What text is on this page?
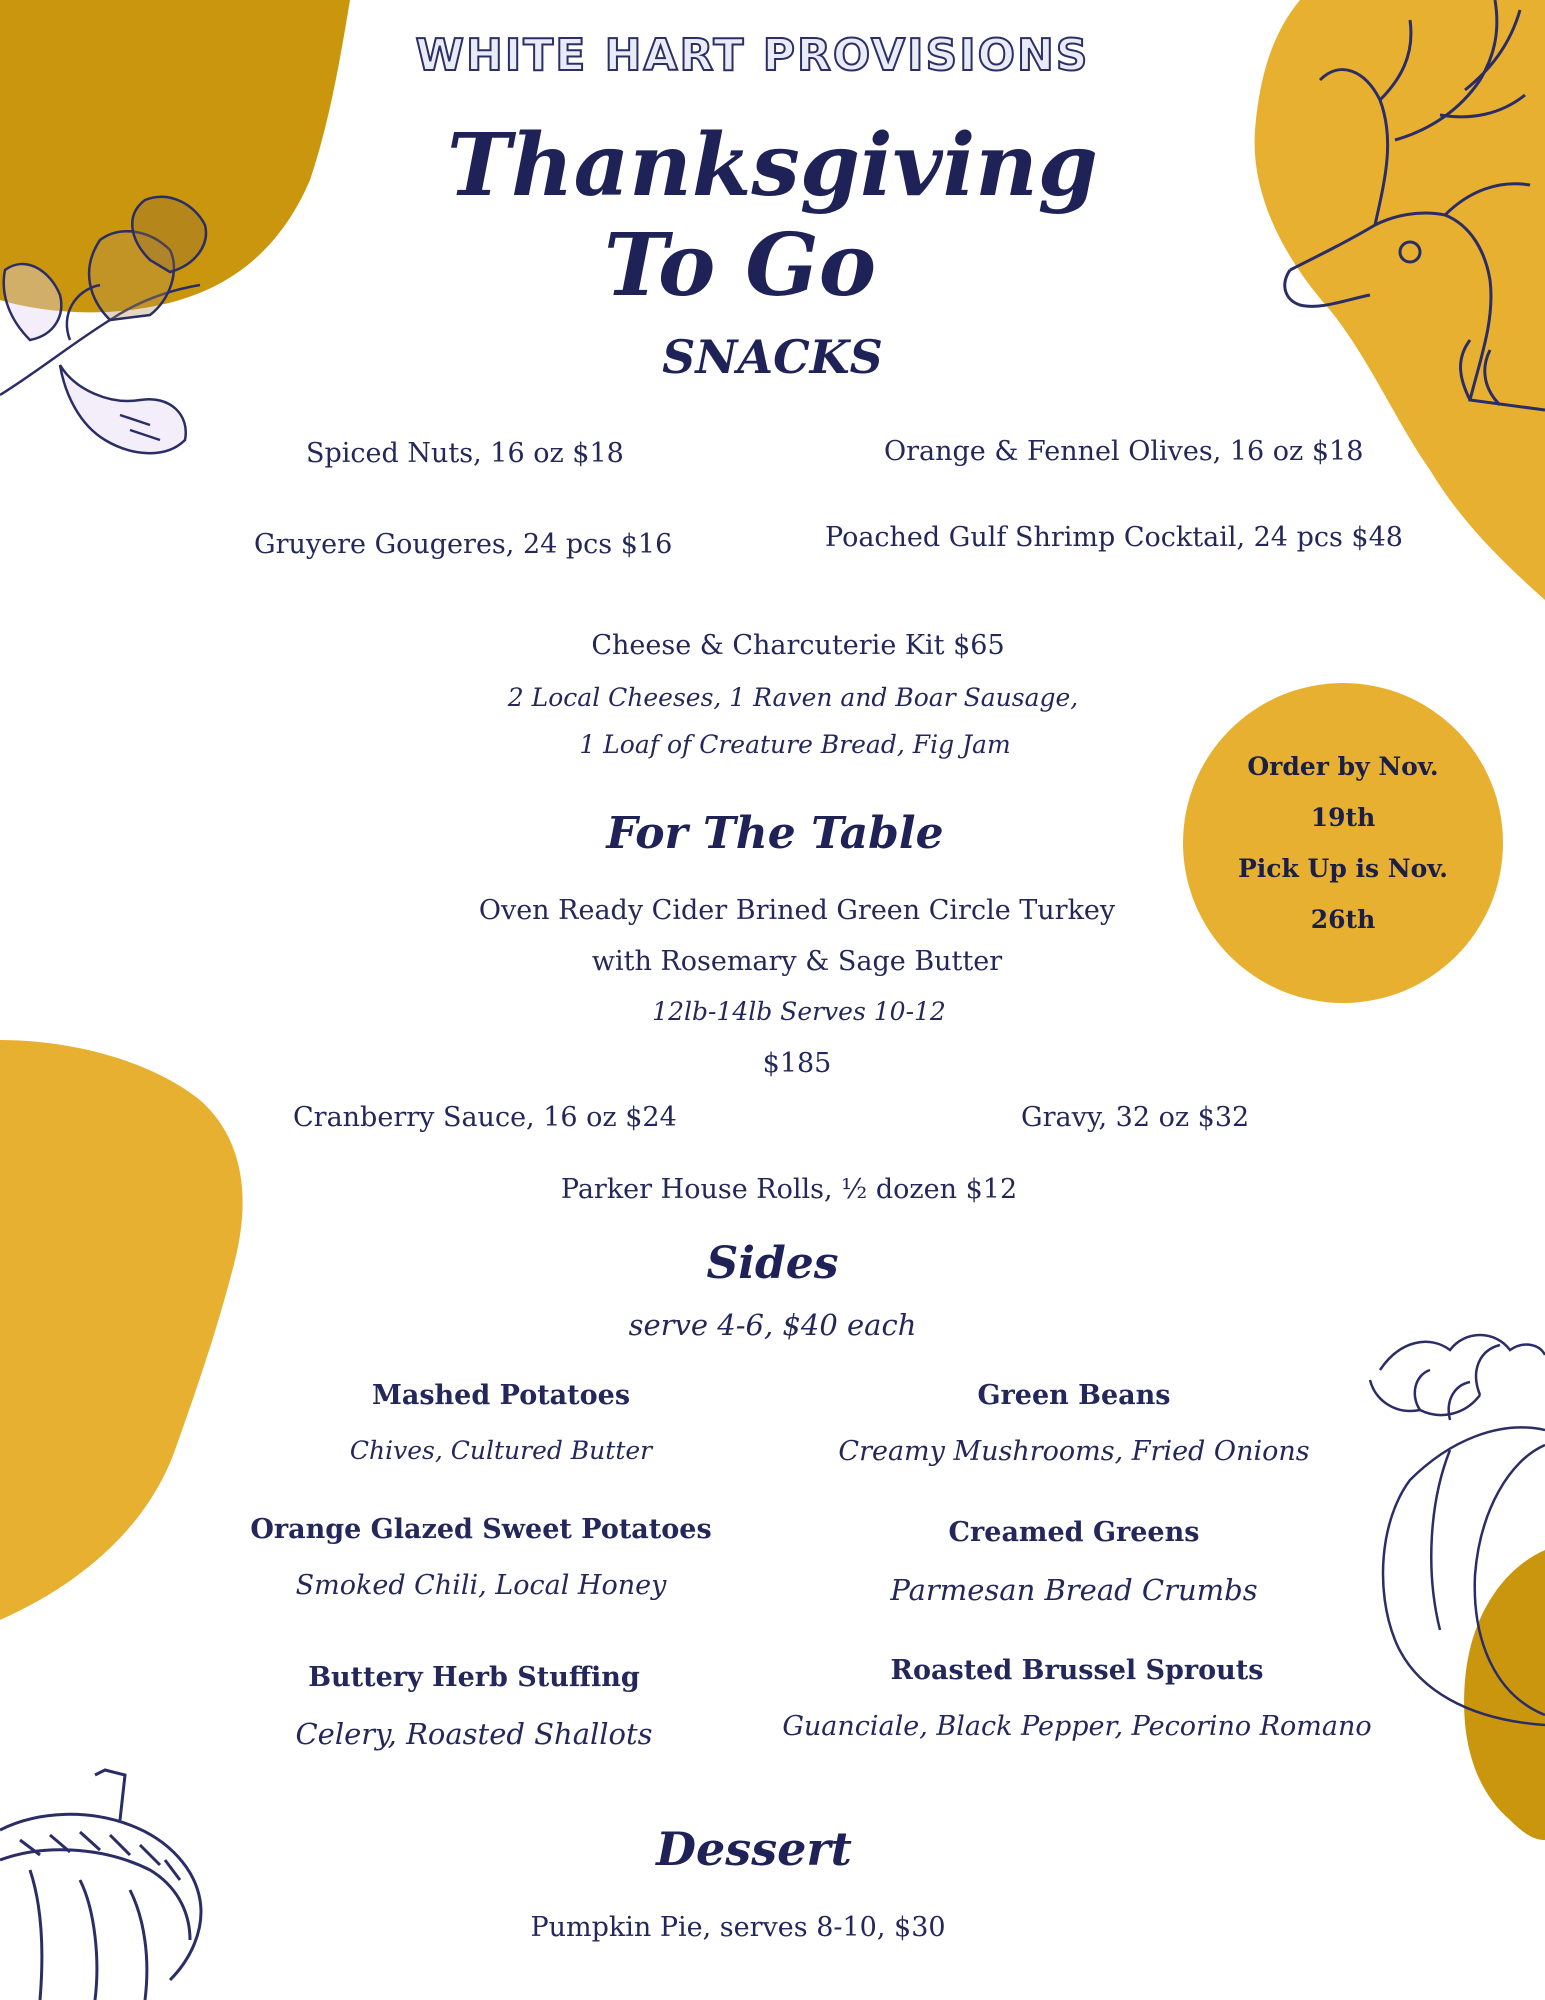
WHITE HART PROVISIONS
Thanksgiving
To Go
SNACKS
Spiced Nuts, 16 oz $18	Orange & Fennel Olives, 16 oz $18
Gruyere Gougeres, 24 pcs $16	Poached Gulf Shrimp Cocktail, 24 pcs $48
Cheese & Charcuterie Kit $65
2 Local Cheeses, 1 Raven and Boar Sausage,
1 Loaf of Creature Bread, Fig Jam
Order by Nov.
19th
Pick Up is Nov.
26th
For The Table
Oven Ready Cider Brined Green Circle Turkey
with Rosemary & Sage Butter
12lb-14lb Serves 10-12
$185
Cranberry Sauce, 16 oz $24	Gravy, 32 oz $32
Parker House Rolls, ½ dozen $12
Sides
serve 4-6, $40 each
Mashed Potatoes
Chives, Cultured Butter
Green Beans
Creamy Mushrooms, Fried Onions
Orange Glazed Sweet Potatoes
Smoked Chili, Local Honey
Creamed Greens
Parmesan Bread Crumbs
Buttery Herb Stuffing
Celery, Roasted Shallots
Roasted Brussel Sprouts
Guanciale, Black Pepper, Pecorino Romano
Dessert
Pumpkin Pie, serves 8-10, $30
